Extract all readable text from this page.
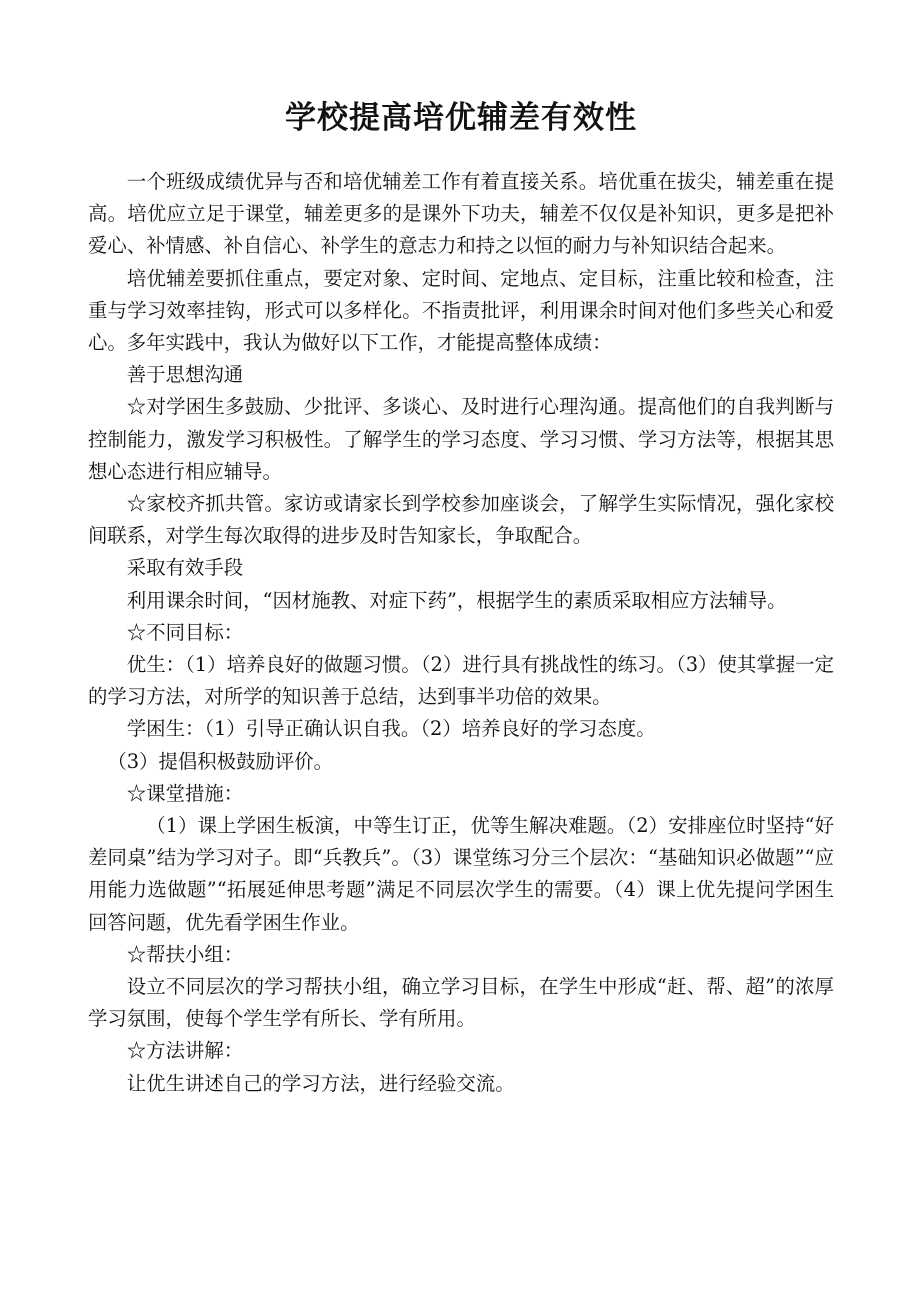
学校提高培优辅差有效性

一个班级成绩优异与否和培优辅差工作有着直接关系。培优重在拔尖，辅差重在提高。培优应立足于课堂，辅差更多的是课外下功夫，辅差不仅仅是补知识，更多是把补爱心、补情感、补自信心、补学生的意志力和持之以恒的耐力与补知识结合起来。

培优辅差要抓住重点，要定对象、定时间、定地点、定目标，注重比较和检查，注重与学习效率挂钩，形式可以多样化。不指责批评，利用课余时间对他们多些关心和爱心。多年实践中，我认为做好以下工作，才能提高整体成绩：

善于思想沟通

☆对学困生多鼓励、少批评、多谈心、及时进行心理沟通。提高他们的自我判断与控制能力，激发学习积极性。了解学生的学习态度、学习习惯、学习方法等，根据其思想心态进行相应辅导。

☆家校齐抓共管。家访或请家长到学校参加座谈会，了解学生实际情况，强化家校间联系，对学生每次取得的进步及时告知家长，争取配合。

采取有效手段

利用课余时间，“因材施教、对症下药”，根据学生的素质采取相应方法辅导。

☆不同目标：

优生：（1）培养良好的做题习惯。（2）进行具有挑战性的练习。（3）使其掌握一定的学习方法，对所学的知识善于总结，达到事半功倍的效果。

学困生：（1）引导正确认识自我。（2）培养良好的学习态度。

（3）提倡积极鼓励评价。

☆课堂措施：

（1）课上学困生板演，中等生订正，优等生解决难题。（2）安排座位时坚持“好差同桌”结为学习对子。即“兵教兵”。（3）课堂练习分三个层次：“基础知识必做题”“应用能力选做题”“拓展延伸思考题”满足不同层次学生的需要。（4）课上优先提问学困生回答问题，优先看学困生作业。

☆帮扶小组：

设立不同层次的学习帮扶小组，确立学习目标，在学生中形成“赶、帮、超”的浓厚学习氛围，使每个学生学有所长、学有所用。

☆方法讲解：

让优生讲述自己的学习方法，进行经验交流。
